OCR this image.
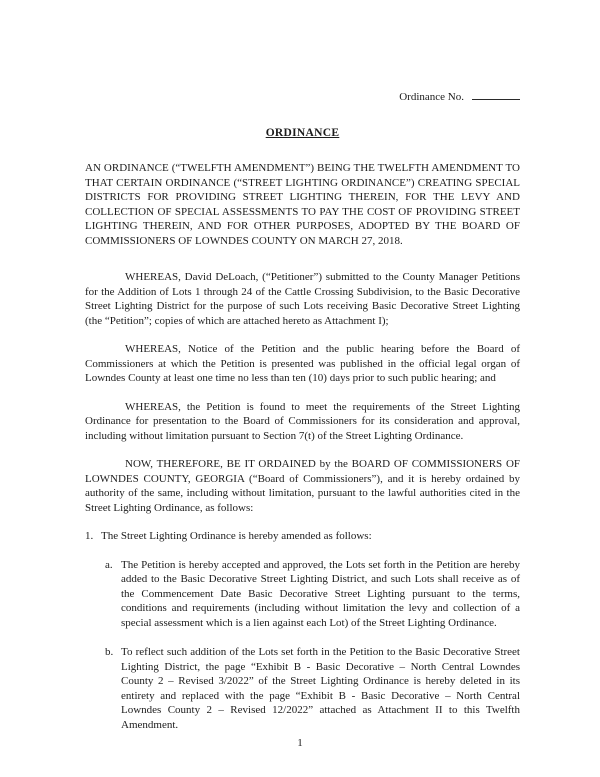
Ordinance No.
ORDINANCE

AN ORDINANCE (“TWELFTH AMENDMENT”) BEING THE TWELFTH AMENDMENT TO THAT CERTAIN ORDINANCE (“STREET LIGHTING ORDINANCE”) CREATING SPECIAL DISTRICTS FOR PROVIDING STREET LIGHTING THEREIN, FOR THE LEVY AND COLLECTION OF SPECIAL ASSESSMENTS TO PAY THE COST OF PROVIDING STREET LIGHTING THEREIN, AND FOR OTHER PURPOSES, ADOPTED BY THE BOARD OF COMMISSIONERS OF LOWNDES COUNTY ON MARCH 27, 2018.

WHEREAS, David DeLoach, (“Petitioner”) submitted to the County Manager Petitions for the Addition of Lots 1 through 24 of the Cattle Crossing Subdivision, to the Basic Decorative Street Lighting District for the purpose of such Lots receiving Basic Decorative Street Lighting (the “Petition”; copies of which are attached hereto as Attachment I);

WHEREAS, Notice of the Petition and the public hearing before the Board of Commissioners at which the Petition is presented was published in the official legal organ of Lowndes County at least one time no less than ten (10) days prior to such public hearing; and

WHEREAS, the Petition is found to meet the requirements of the Street Lighting Ordinance for presentation to the Board of Commissioners for its consideration and approval, including without limitation pursuant to Section 7(t) of the Street Lighting Ordinance.

NOW, THEREFORE, BE IT ORDAINED by the BOARD OF COMMISSIONERS OF LOWNDES COUNTY, GEORGIA (“Board of Commissioners”), and it is hereby ordained by authority of the same, including without limitation, pursuant to the lawful authorities cited in the Street Lighting Ordinance, as follows:

1. The Street Lighting Ordinance is hereby amended as follows:
a. The Petition is hereby accepted and approved, the Lots set forth in the Petition are hereby added to the Basic Decorative Street Lighting District, and such Lots shall receive as of the Commencement Date Basic Decorative Street Lighting pursuant to the terms, conditions and requirements (including without limitation the levy and collection of a special assessment which is a lien against each Lot) of the Street Lighting Ordinance.
b. To reflect such addition of the Lots set forth in the Petition to the Basic Decorative Street Lighting District, the page “Exhibit B - Basic Decorative – North Central Lowndes County 2 – Revised 3/2022” of the Street Lighting Ordinance is hereby deleted in its entirety and replaced with the page “Exhibit B - Basic Decorative – North Central Lowndes County 2 – Revised 12/2022” attached as Attachment II to this Twelfth Amendment.
1
